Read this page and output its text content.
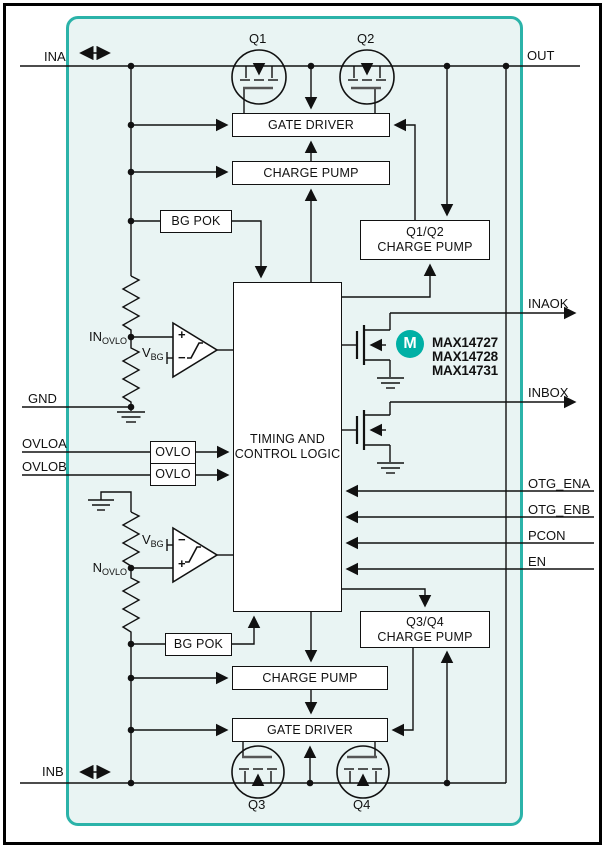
GATE DRIVER
CHARGE PUMP
BG POK
Q1/Q2
CHARGE PUMP
TIMING AND
CONTROL LOGIC
OVLO
OVLO
Q3/Q4
CHARGE PUMP
BG POK
CHARGE PUMP
GATE DRIVER
INA	OUT
GND
OVLOA
OVLOB
INB
INAOK
INBOX
OTG_ENA
OTG_ENB
PCON
EN
Q1	Q2
Q3	Q4
$IN_{OVLO}$
$V_{BG}$
$N_{OVLO}$
$V_{BG}$
+
−
−
+
M MAX14727
MAX14728
MAX14731
